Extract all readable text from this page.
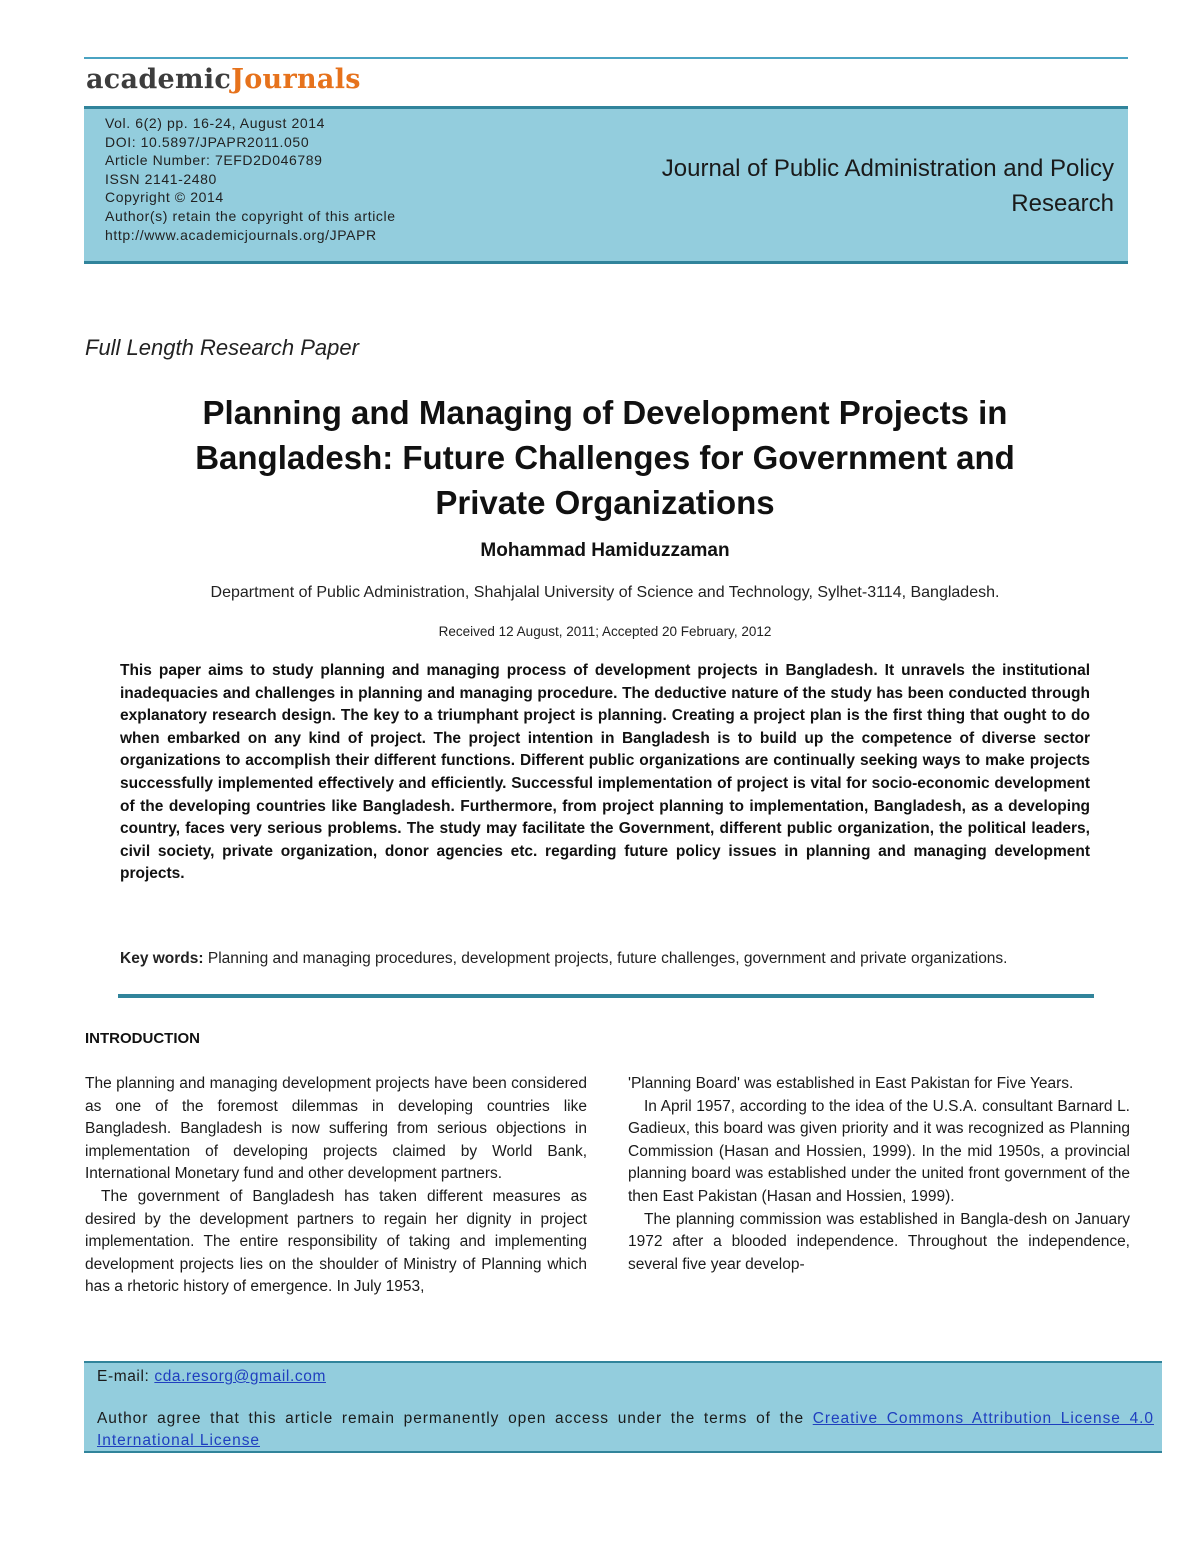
academicJournals
Vol. 6(2) pp. 16-24, August 2014
DOI: 10.5897/JPAPR2011.050
Article Number: 7EFD2D046789
ISSN 2141-2480
Copyright © 2014
Author(s) retain the copyright of this article
http://www.academicjournals.org/JPAPR
Journal of Public Administration and Policy
Research
Full Length Research Paper
Planning and Managing of Development Projects in
Bangladesh: Future Challenges for Government and
Private Organizations
Mohammad Hamiduzzaman
Department of Public Administration, Shahjalal University of Science and Technology, Sylhet-3114, Bangladesh.
Received 12 August, 2011; Accepted 20 February, 2012
This paper aims to study planning and managing process of development projects in Bangladesh. It unravels the institutional inadequacies and challenges in planning and managing procedure. The deductive nature of the study has been conducted through explanatory research design. The key to a triumphant project is planning. Creating a project plan is the first thing that ought to do when embarked on any kind of project. The project intention in Bangladesh is to build up the competence of diverse sector organizations to accomplish their different functions. Different public organizations are continually seeking ways to make projects successfully implemented effectively and efficiently. Successful implementation of project is vital for socio-economic development of the developing countries like Bangladesh. Furthermore, from project planning to implementation, Bangladesh, as a developing country, faces very serious problems. The study may facilitate the Government, different public organization, the political leaders, civil society, private organization, donor agencies etc. regarding future policy issues in planning and managing development projects.
Key words: Planning and managing procedures, development projects, future challenges, government and private organizations.
INTRODUCTION

The planning and managing development projects have been considered as one of the foremost dilemmas in developing countries like Bangladesh. Bangladesh is now suffering from serious objections in implementation of developing projects claimed by World Bank, International Monetary fund and other development partners.

The government of Bangladesh has taken different measures as desired by the development partners to regain her dignity in project implementation. The entire responsibility of taking and implementing development projects lies on the shoulder of Ministry of Planning which has a rhetoric history of emergence. In July 1953,

'Planning Board' was established in East Pakistan for Five Years.

In April 1957, according to the idea of the U.S.A. consultant Barnard L. Gadieux, this board was given priority and it was recognized as Planning Commission (Hasan and Hossien, 1999). In the mid 1950s, a provincial planning board was established under the united front government of the then East Pakistan (Hasan and Hossien, 1999).

The planning commission was established in Bangla-desh on January 1972 after a blooded independence. Throughout the independence, several five year develop-

E-mail: cda.resorg@gmail.com
Author agree that this article remain permanently open access under the terms of the Creative Commons Attribution License 4.0 International License
